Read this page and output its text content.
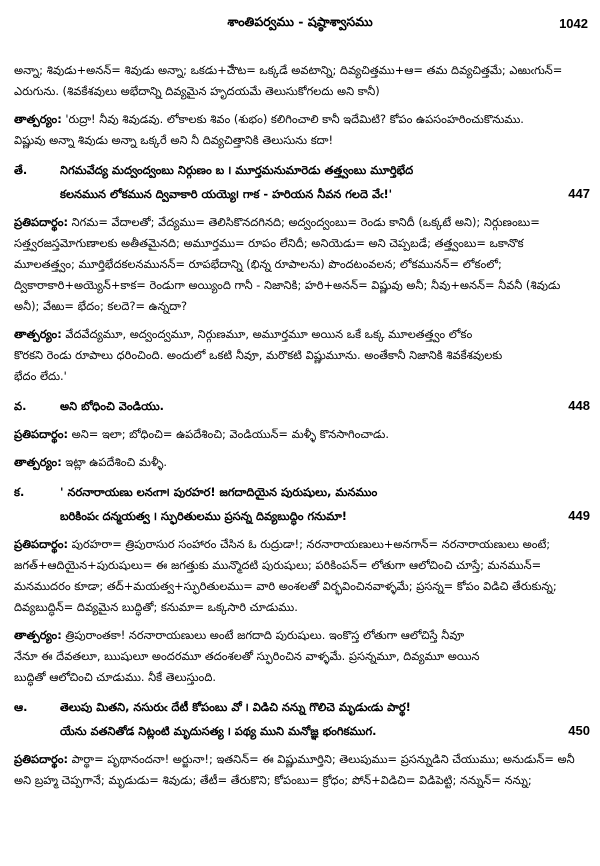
శాంతిపర్వము - షష్ఠాశ్వాసము	1042

అన్నా; శివుడు+అనన్= శివుడు అన్నా; ఒకడు+ౘౌట= ఒక్కడే అవటాన్ని; దివ్యచిత్తము+ఆ= తమ దివ్యచిత్తమే; ఎఱుఁగున్=

ఎరుగును. (శివకేశవులు అభేదాన్ని దివ్యమైన హృదయమే తెలుసుకోగలదు అని కానీ)

తాత్పర్యం: 'రుద్రా! నీవు శివుడవు. లోకాలకు శివం (శుభం) కలిగించాలి కానీ ఇదేమిటి? కోపం ఉపసంహరించుకొనుము.

విష్ణువు అన్నా శివుడు అన్నా ఒక్కరే అని నీ దివ్యచిత్తానికి తెలుసును కదా!

తే.	నిగమవేద్య మద్వంద్వంబు నిర్గుణం బ ౹ మూర్తమనుమారెడు తత్త్వంబు మూర్తిభేద
కలనమున లోకమున ద్వివాకారి యయ్యె౹ గాక - హరియన నీవన గలదె వేఁ!'	447

ప్రతిపదార్థం: నిగమ= వేదాలతో; వేద్యము= తెలిసికొనదగినది; అద్వంద్వంబు= రెండు కానిదీ (ఒక్కటే అని); నిర్గుణంబు=

సత్త్వరజస్తమోగుణాలకు అతీతమైనది; అమూర్తము= రూపం లేనిదీ; అనియెడు= అని చెప్పబడే; తత్త్వంబు= ఒకానొక

మూలతత్త్వం; మూర్తిభేదకలనమునన్= రూపభేదాన్ని (భిన్న రూపాలను) పొందటంవలన; లోకమునన్= లోకంలో;

ద్వికారాకారి+అయ్యెన్+కాక= రెండుగా అయ్యింది గానీ - నిజానికి; హరి+అనన్= విష్ణువు అనీ; నీవు+అనన్= నీవనీ (శివుడు

అనీ); వేఱు= భేదం; కలదె?= ఉన్నదా?

తాత్పర్యం: వేదవేద్యమూ, అద్వంద్వమూ, నిర్గుణమూ, అమూర్తమూ అయిన ఒకే ఒక్క మూలతత్త్వం లోకం

కొరకని రెండు రూపాలు ధరించింది. అందులో ఒకటి నీవూ, మరొకటి విష్ణుమూను. అంతేకానీ నిజానికి శివకేశవులకు

భేదం లేదు.'

వ.	అని బోధించి వెండియు.	448

ప్రతిపదార్థం: అని= ఇలా; బోధించి= ఉపదేశించి; వెండియున్= మళ్ళీ కొనసాగించాడు.

తాత్పర్యం: ఇట్లా ఉపదేశించి మళ్ళీ.

క.	' నరనారాయణు లనఁగా౹ పురహర! జగదాదియైన పురుషులు, మనముం
బరికింపఁ దన్మయత్వ ౹ స్ఫురితులము ప్రసన్న దివ్యబుద్ధిం గనుమా!	449

ప్రతిపదార్థం: పురహరా= త్రిపురాసుర సంహారం చేసిన ఓ రుద్రుడా!; నరనారాయణులు+అనగాన్= నరనారాయణులు అంటే;

జగత్+ఆదియైన+పురుషులు= ఈ జగత్తుకు మున్మొదటి పురుషులు; పరికింపన్= లోతుగా ఆలోచించి చూస్తే; మనమున్=

మనముదరం కూడా; తద్+మయత్వ+స్ఫురితులము= వారి అంశలతో విర్భవించినవాళ్ళమే; ప్రసన్న= కోపం విడిచి తేరుకున్న;

దివ్యబుద్ధిన్= దివ్యమైన బుద్ధితో; కనుమా= ఒక్కసారి చూడుము.

తాత్పర్యం: త్రిపురాంతకా! నరనారాయణులు అంటే జగదాది పురుషులు. ఇంకొస్త లోతుగా ఆలోచిస్తే నీవూ

నేనూ ఈ దేవతలూ, ఋషులూ అందరమూ తదంశలతో స్ఫురించిన వాళ్ళమే. ప్రసన్నమూ, దివ్యమూ అయిన

బుద్ధితో ఆలోచించి చూడుము. నీకే తెలుస్తుంది.

ఆ.	తెలుపు మితని, నసురుఁ దేటీ కోపంబు వో ౹ విడిచి నన్ను గొలిచె మృడుఁడు పార్థ!
యేను వతనితోడ నిట్లంటి మృదుసత్య ౹ పథ్య ముని మనోజ్ఞ భంగికముగ.	450

ప్రతిపదార్థం: పార్థా= పృథానందనా! అర్జునా!; ఇతనిన్= ఈ విష్ణుమూర్తిని; తెలుపుము= ప్రసన్నుడిని చేయుము; అనుడున్= అనీ

అని బ్రహ్మ చెప్పగానే; మృడుడు= శివుడు; తేటీ= తేరుకొని; కోపంబు= క్రోధం; పోన్+విడిచి= విడిపెట్టి; నన్నున్= నన్ను;
